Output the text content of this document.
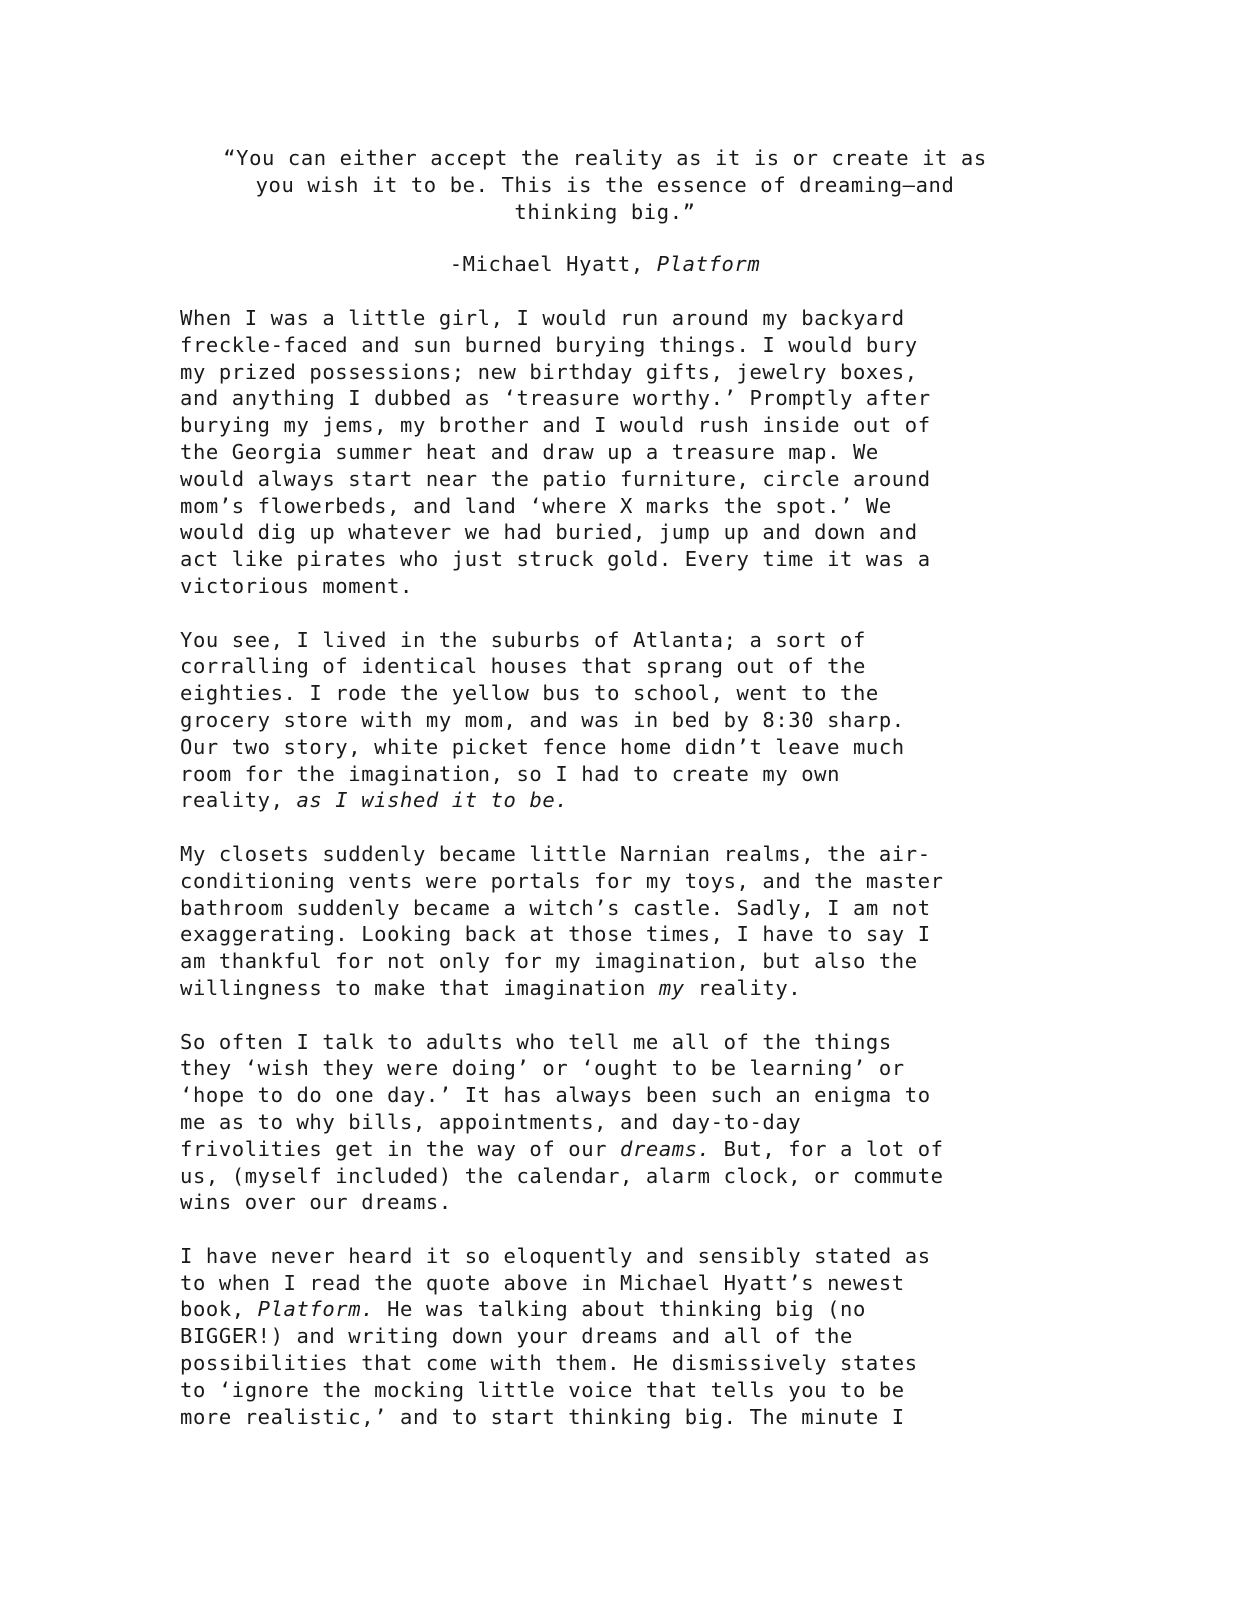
“You can either accept the reality as it is or create it as

you wish it to be. This is the essence of dreaming—and

thinking big.”

-Michael Hyatt, Platform
When I was a little girl, I would run around my backyard
freckle-faced and sun burned burying things. I would bury
my prized possessions; new birthday gifts, jewelry boxes,
and anything I dubbed as ‘treasure worthy.’ Promptly after
burying my jems, my brother and I would rush inside out of
the Georgia summer heat and draw up a treasure map. We
would always start near the patio furniture, circle around
mom’s flowerbeds, and land ‘where X marks the spot.’ We
would dig up whatever we had buried, jump up and down and
act like pirates who just struck gold. Every time it was a
victorious moment.
You see, I lived in the suburbs of Atlanta; a sort of
corralling of identical houses that sprang out of the
eighties. I rode the yellow bus to school, went to the
grocery store with my mom, and was in bed by 8:30 sharp.
Our two story, white picket fence home didn’t leave much
room for the imagination, so I had to create my own
reality, as I wished it to be.
My closets suddenly became little Narnian realms, the air-
conditioning vents were portals for my toys, and the master
bathroom suddenly became a witch’s castle. Sadly, I am not
exaggerating. Looking back at those times, I have to say I
am thankful for not only for my imagination, but also the
willingness to make that imagination my reality.
So often I talk to adults who tell me all of the things
they ‘wish they were doing’ or ‘ought to be learning’ or
‘hope to do one day.’ It has always been such an enigma to
me as to why bills, appointments, and day-to-day
frivolities get in the way of our dreams. But, for a lot of
us, (myself included) the calendar, alarm clock, or commute
wins over our dreams.
I have never heard it so eloquently and sensibly stated as
to when I read the quote above in Michael Hyatt’s newest
book, Platform. He was talking about thinking big (no
BIGGER!) and writing down your dreams and all of the
possibilities that come with them. He dismissively states
to ‘ignore the mocking little voice that tells you to be
more realistic,’ and to start thinking big. The minute I
